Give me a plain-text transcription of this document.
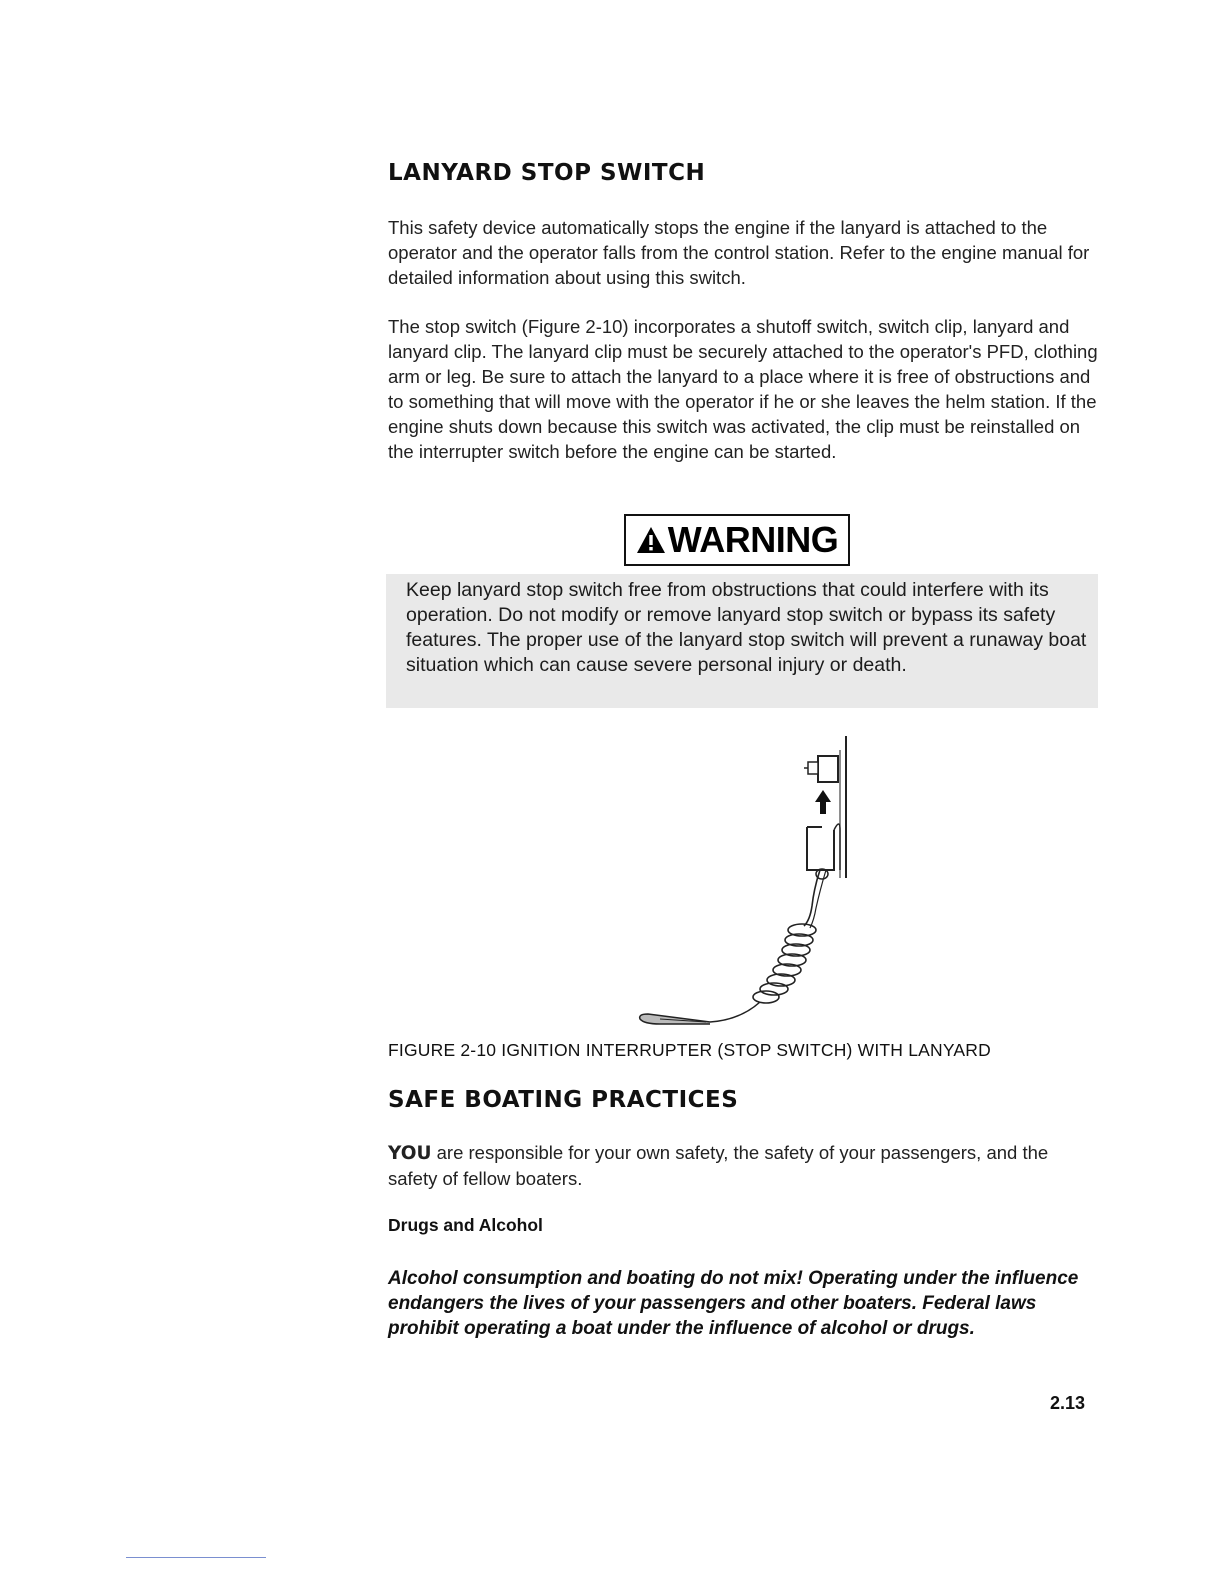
LANYARD STOP SWITCH

This safety device automatically stops the engine if the lanyard is attached to the operator and the operator falls from the control station. Refer to the engine manual for detailed information about using this switch.

The stop switch (Figure 2-10) incorporates a shutoff switch, switch clip, lanyard and lanyard clip. The lanyard clip must be securely attached to the operator's PFD, clothing arm or leg. Be sure to attach the lanyard to a place where it is free of obstructions and to something that will move with the operator if he or she leaves the helm station. If the engine shuts down because this switch was activated, the clip must be reinstalled on the interrupter switch before the engine can be started.

WARNING

Keep lanyard stop switch free from obstructions that could interfere with its operation. Do not modify or remove lanyard stop switch or bypass its safety features. The proper use of the lanyard stop switch will prevent a runaway boat situation which can cause severe personal injury or death.

FIGURE 2-10 IGNITION INTERRUPTER (STOP SWITCH) WITH LANYARD

SAFE BOATING PRACTICES

YOU are responsible for your own safety, the safety of your passengers, and the safety of fellow boaters.

Drugs and Alcohol

Alcohol consumption and boating do not mix! Operating under the influence endangers the lives of your passengers and other boaters. Federal laws prohibit operating a boat under the influence of alcohol or drugs.

2.13
